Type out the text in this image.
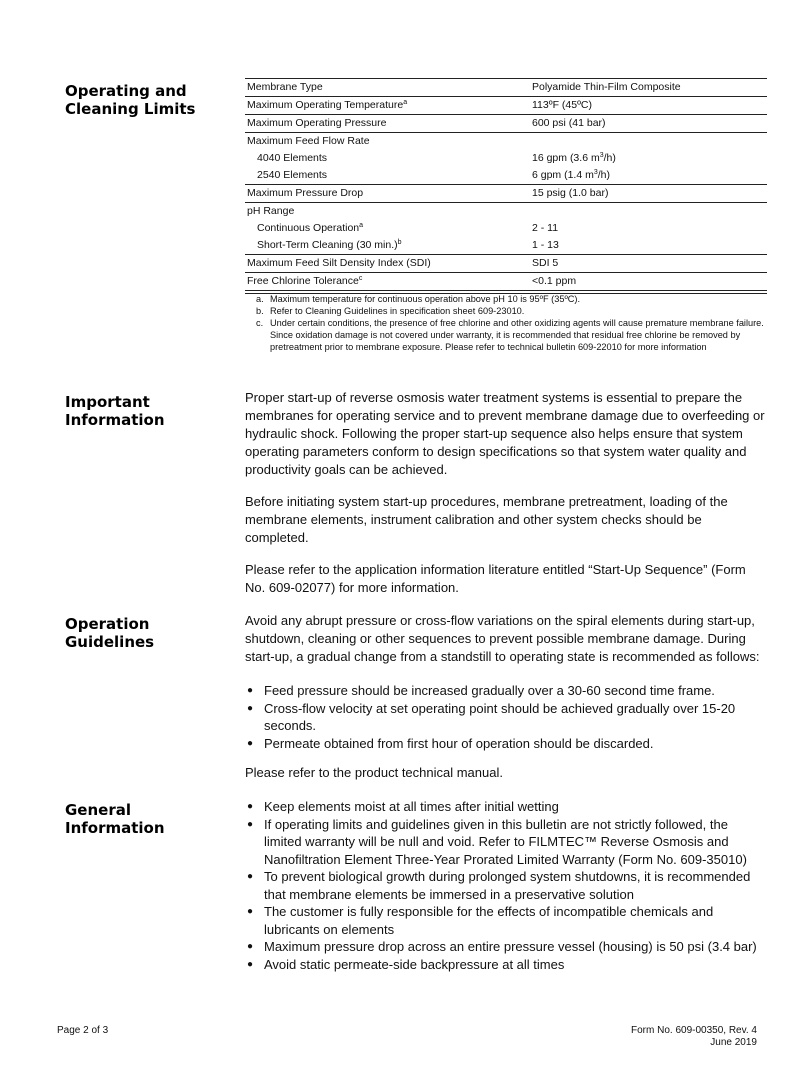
Operating and
Cleaning Limits
Important
Information
Operation
Guidelines
General
Information
Membrane Type	Polyamide Thin-Film Composite
Maximum Operating Temperature$^a$	113ºF (45ºC)
Maximum Operating Pressure	600 psi (41 bar)
Maximum Feed Flow Rate
4040 Elements	16 gpm (3.6 $m^3/h$)
2540 Elements	6 gpm (1.4 $m^3/h$)
Maximum Pressure Drop	15 psig (1.0 bar)
pH Range
Continuous Operation$^a$	2 - 11
Short-Term Cleaning (30 min.)$^b$	1 - 13
Maximum Feed Silt Density Index (SDI)	SDI 5
Free Chlorine Tolerance$^c$	<0.1 ppm
a. Maximum temperature for continuous operation above pH 10 is 95ºF (35ºC).
b. Refer to Cleaning Guidelines in specification sheet 609-23010.
c. Under certain conditions, the presence of free chlorine and other oxidizing agents will cause premature membrane failure. Since oxidation damage is not covered under warranty, it is recommended that residual free chlorine be removed by pretreatment prior to membrane exposure. Please refer to technical bulletin 609-22010 for more information
Proper start-up of reverse osmosis water treatment systems is essential to prepare the membranes for operating service and to prevent membrane damage due to overfeeding or hydraulic shock. Following the proper start-up sequence also helps ensure that system operating parameters conform to design specifications so that system water quality and productivity goals can be achieved.
Before initiating system start-up procedures, membrane pretreatment, loading of the membrane elements, instrument calibration and other system checks should be completed.
Please refer to the application information literature entitled “Start-Up Sequence” (Form No. 609-02077) for more information.
Avoid any abrupt pressure or cross-flow variations on the spiral elements during start-up, shutdown, cleaning or other sequences to prevent possible membrane damage. During start-up, a gradual change from a standstill to operating state is recommended as follows:
● Feed pressure should be increased gradually over a 30-60 second time frame.
● Cross-flow velocity at set operating point should be achieved gradually over 15-20 seconds.
● Permeate obtained from first hour of operation should be discarded.
Please refer to the product technical manual.
● Keep elements moist at all times after initial wetting
● If operating limits and guidelines given in this bulletin are not strictly followed, the limited warranty will be null and void. Refer to FILMTEC™ Reverse Osmosis and Nanofiltration Element Three-Year Prorated Limited Warranty (Form No. 609-35010)
● To prevent biological growth during prolonged system shutdowns, it is recommended that membrane elements be immersed in a preservative solution
● The customer is fully responsible for the effects of incompatible chemicals and lubricants on elements
● Maximum pressure drop across an entire pressure vessel (housing) is 50 psi (3.4 bar)
● Avoid static permeate-side backpressure at all times
Page 2 of 3	Form No. 609-00350, Rev. 4
June 2019
